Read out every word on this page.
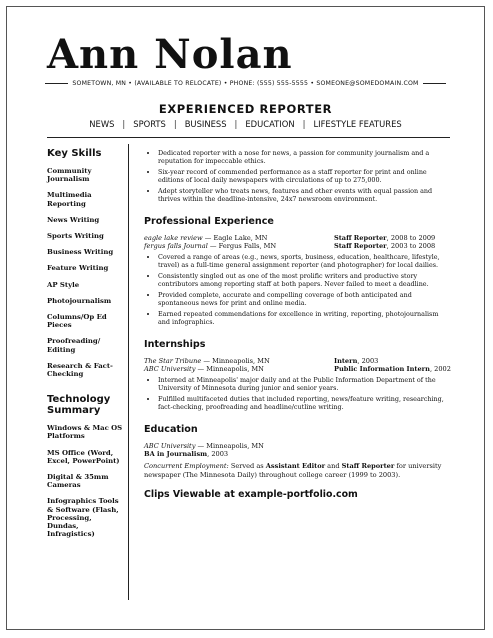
Ann Nolan
SOMETOWN, MN • (AVAILABLE TO RELOCATE) • PHONE: (555) 555-5555 • SOMEONE@SOMEDOMAIN.COM
EXPERIENCED REPORTER
NEWS | SPORTS | BUSINESS | EDUCATION | LIFESTYLE FEATURES
Key Skills
Community Journalism
Multimedia Reporting
News Writing
Sports Writing
Business Writing
Feature Writing
AP Style
Photojournalism
Columns/Op Ed Pieces
Proofreading/ Editing
Research & Fact-Checking
Technology Summary
Windows & Mac OS Platforms
MS Office (Word, Excel, PowerPoint)
Digital & 35mm Cameras
Infographics Tools & Software (Flash, Processing, Dundas, Infragistics)
• Dedicated reporter with a nose for news, a passion for community journalism and a reputation for impeccable ethics.
• Six-year record of commended performance as a staff reporter for print and online editions of local daily newspapers with circulations of up to 275,000.
• Adept storyteller who treats news, features and other events with equal passion and thrives within the deadline-intensive, 24x7 newsroom environment.
Professional Experience
eagle lake review — Eagle Lake, MN	Staff Reporter, 2008 to 2009
fergus falls Journal — Fergus Falls, MN	Staff Reporter, 2003 to 2008
• Covered a range of areas (e.g., news, sports, business, education, healthcare, lifestyle, travel) as a full-time general assignment reporter (and photographer) for local dailies.
• Consistently singled out as one of the most prolific writers and productive story contributors among reporting staff at both papers. Never failed to meet a deadline.
• Provided complete, accurate and compelling coverage of both anticipated and spontaneous news for print and online media.
• Earned repeated commendations for excellence in writing, reporting, photojournalism and infographics.
Internships
The Star Tribune — Minneapolis, MN	Intern, 2003
ABC University — Minneapolis, MN	Public Information Intern, 2002
• Interned at Minneapolis' major daily and at the Public Information Department of the University of Minnesota during junior and senior years.
• Fulfilled multifaceted duties that included reporting, news/feature writing, researching, fact-checking, proofreading and headline/cutline writing.
Education
ABC University — Minneapolis, MN
BA in Journalism, 2003
Concurrent Employment: Served as Assistant Editor and Staff Reporter for university newspaper (The Minnesota Daily) throughout college career (1999 to 2003).
Clips Viewable at example-portfolio.com
